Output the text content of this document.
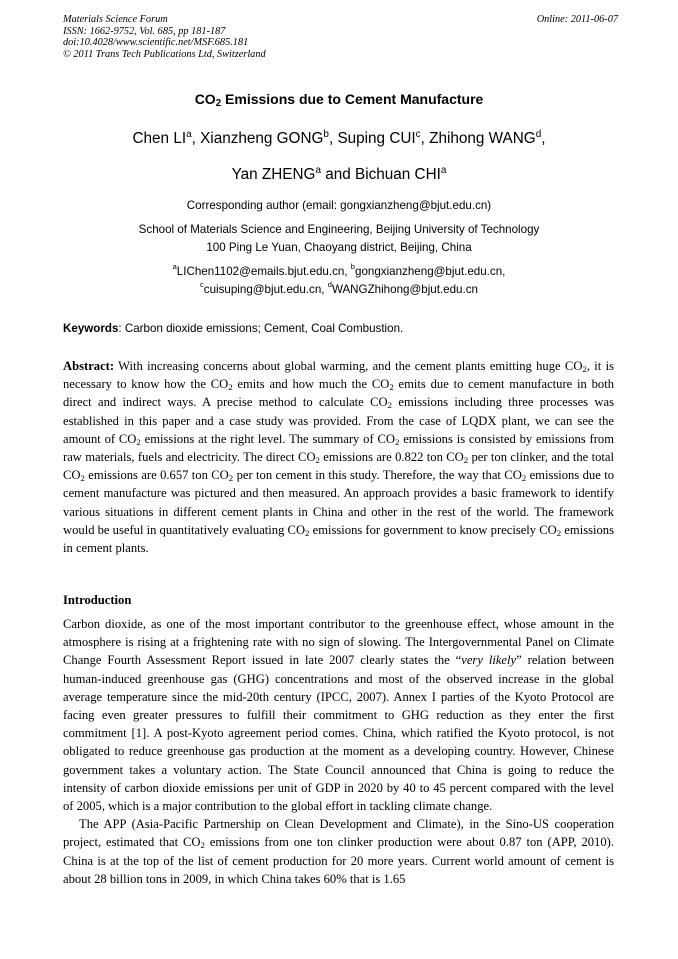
Materials Science Forum
ISSN: 1662-9752, Vol. 685, pp 181-187
doi:10.4028/www.scientific.net/MSF.685.181
© 2011 Trans Tech Publications Ltd, Switzerland
Online: 2011-06-07
$CO_2$ Emissions due to Cement Manufacture
Chen $LI^a$, Xianzheng GONG$^b$, Suping CUI$^c$, Zhihong WANG$^d$,
Yan ZHENG$^a$ and Bichuan CHI$^a$
Corresponding author (email: gongxianzheng@bjut.edu.cn)
School of Materials Science and Engineering, Beijing University of Technology
100 Ping Le Yuan, Chaoyang district, Beijing, China
$^a$LIChen1102@emails.bjut.edu.cn, $^b$gongxianzheng@bjut.edu.cn,
$^c$cuisuping@bjut.edu.cn, $^d$WANGZhihong@bjut.edu.cn
Keywords: Carbon dioxide emissions; Cement, Coal Combustion.

Abstract: With increasing concerns about global warming, and the cement plants emitting huge $CO_2$, it is necessary to know how the $CO_2$ emits and how much the $CO_2$ emits due to cement manufacture in both direct and indirect ways. A precise method to calculate $CO_2$ emissions including three processes was established in this paper and a case study was provided. From the case of LQDX plant, we can see the amount of $CO_2$ emissions at the right level. The summary of $CO_2$ emissions is consisted by emissions from raw materials, fuels and electricity. The direct $CO_2$ emissions are 0.822 ton $CO_2$ per ton clinker, and the total $CO_2$ emissions are 0.657 ton $CO_2$ per ton cement in this study. Therefore, the way that $CO_2$ emissions due to cement manufacture was pictured and then measured. An approach provides a basic framework to identify various situations in different cement plants in China and other in the rest of the world. The framework would be useful in quantitatively evaluating $CO_2$ emissions for government to know precisely $CO_2$ emissions in cement plants.

Introduction

Carbon dioxide, as one of the most important contributor to the greenhouse effect, whose amount in the atmosphere is rising at a frightening rate with no sign of slowing. The Intergovernmental Panel on Climate Change Fourth Assessment Report issued in late 2007 clearly states the “very likely” relation between human-induced greenhouse gas (GHG) concentrations and most of the observed increase in the global average temperature since the mid-20th century (IPCC, 2007). Annex I parties of the Kyoto Protocol are facing even greater pressures to fulfill their commitment to GHG reduction as they enter the first commitment [1]. A post-Kyoto agreement period comes. China, which ratified the Kyoto protocol, is not obligated to reduce greenhouse gas production at the moment as a developing country. However, Chinese government takes a voluntary action. The State Council announced that China is going to reduce the intensity of carbon dioxide emissions per unit of GDP in 2020 by 40 to 45 percent compared with the level of 2005, which is a major contribution to the global effort in tackling climate change.

The APP (Asia-Pacific Partnership on Clean Development and Climate), in the Sino-US cooperation project, estimated that $CO_2$ emissions from one ton clinker production were about 0.87 ton (APP, 2010). China is at the top of the list of cement production for 20 more years. Current world amount of cement is about 28 billion tons in 2009, in which China takes 60% that is 1.65
